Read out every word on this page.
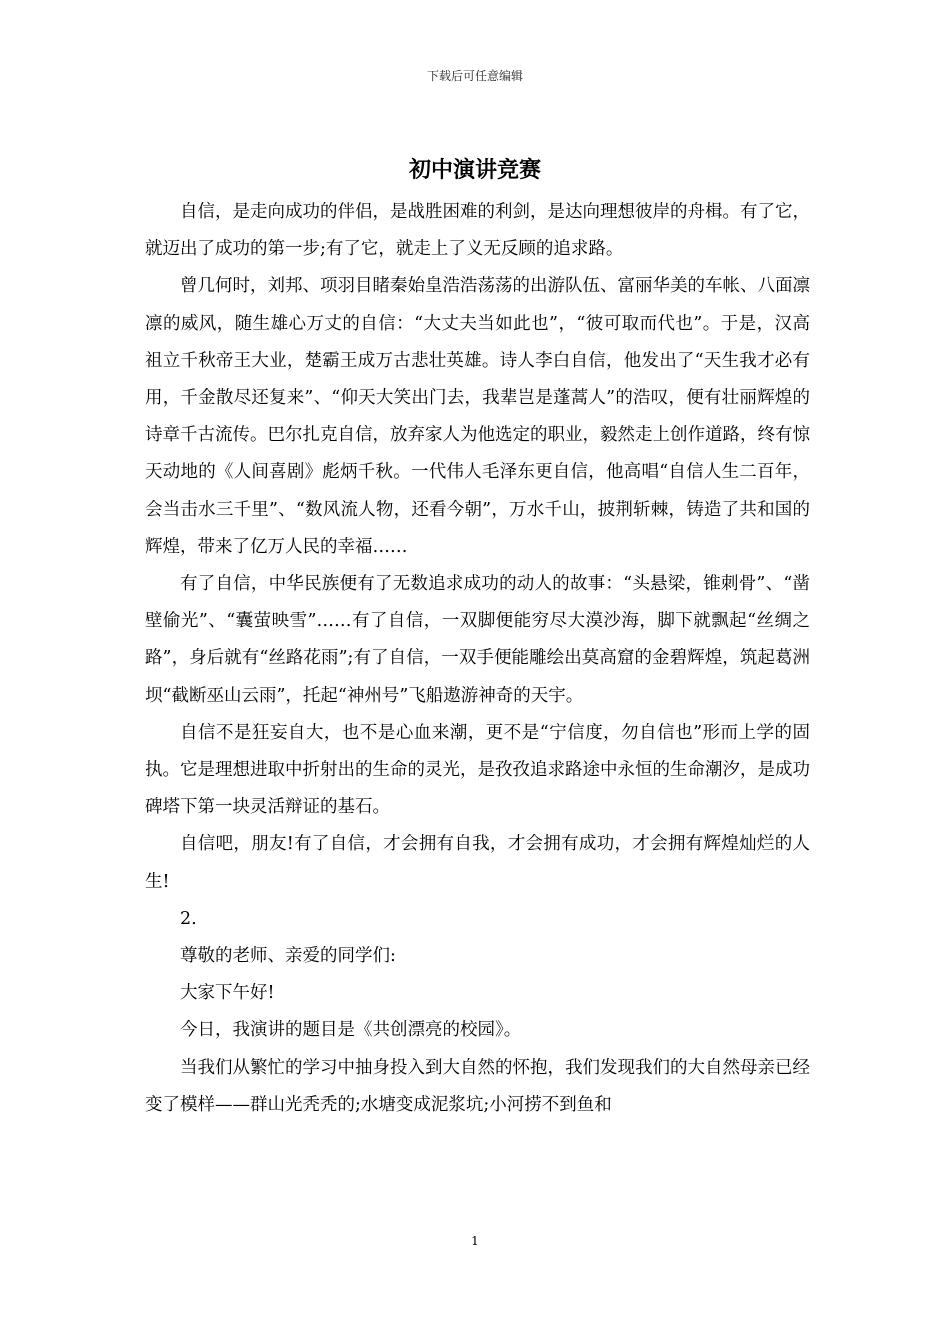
下载后可任意编辑
初中演讲竞赛

自信，是走向成功的伴侣，是战胜困难的利剑，是达向理想彼岸的舟楫。有了它，就迈出了成功的第一步;有了它，就走上了义无反顾的追求路。

曾几何时，刘邦、项羽目睹秦始皇浩浩荡荡的出游队伍、富丽华美的车帐、八面凛凛的威风，随生雄心万丈的自信：“大丈夫当如此也”，“彼可取而代也”。于是，汉高祖立千秋帝王大业，楚霸王成万古悲壮英雄。诗人李白自信，他发出了“天生我才必有用，千金散尽还复来”、“仰天大笑出门去，我辈岂是蓬蒿人”的浩叹，便有壮丽辉煌的诗章千古流传。巴尔扎克自信，放弃家人为他选定的职业，毅然走上创作道路，终有惊天动地的《人间喜剧》彪炳千秋。一代伟人毛泽东更自信，他高唱“自信人生二百年，会当击水三千里”、“数风流人物，还看今朝”，万水千山，披荆斩棘，铸造了共和国的辉煌，带来了亿万人民的幸福……

有了自信，中华民族便有了无数追求成功的动人的故事：“头悬梁，锥刺骨”、“凿壁偷光”、“囊萤映雪”……有了自信，一双脚便能穷尽大漠沙海，脚下就飘起“丝绸之路”，身后就有“丝路花雨”;有了自信，一双手便能雕绘出莫高窟的金碧辉煌，筑起葛洲坝“截断巫山云雨”，托起“神州号”飞船遨游神奇的天宇。

自信不是狂妄自大，也不是心血来潮，更不是“宁信度，勿自信也”形而上学的固执。它是理想进取中折射出的生命的灵光，是孜孜追求路途中永恒的生命潮汐，是成功碑塔下第一块灵活辩证的基石。

自信吧，朋友!有了自信，才会拥有自我，才会拥有成功，才会拥有辉煌灿烂的人生!

2.

尊敬的老师、亲爱的同学们:

大家下午好!

今日，我演讲的题目是《共创漂亮的校园》。

当我们从繁忙的学习中抽身投入到大自然的怀抱，我们发现我们的大自然母亲已经变了模样——群山光秃秃的;水塘变成泥浆坑;小河捞不到鱼和

1
